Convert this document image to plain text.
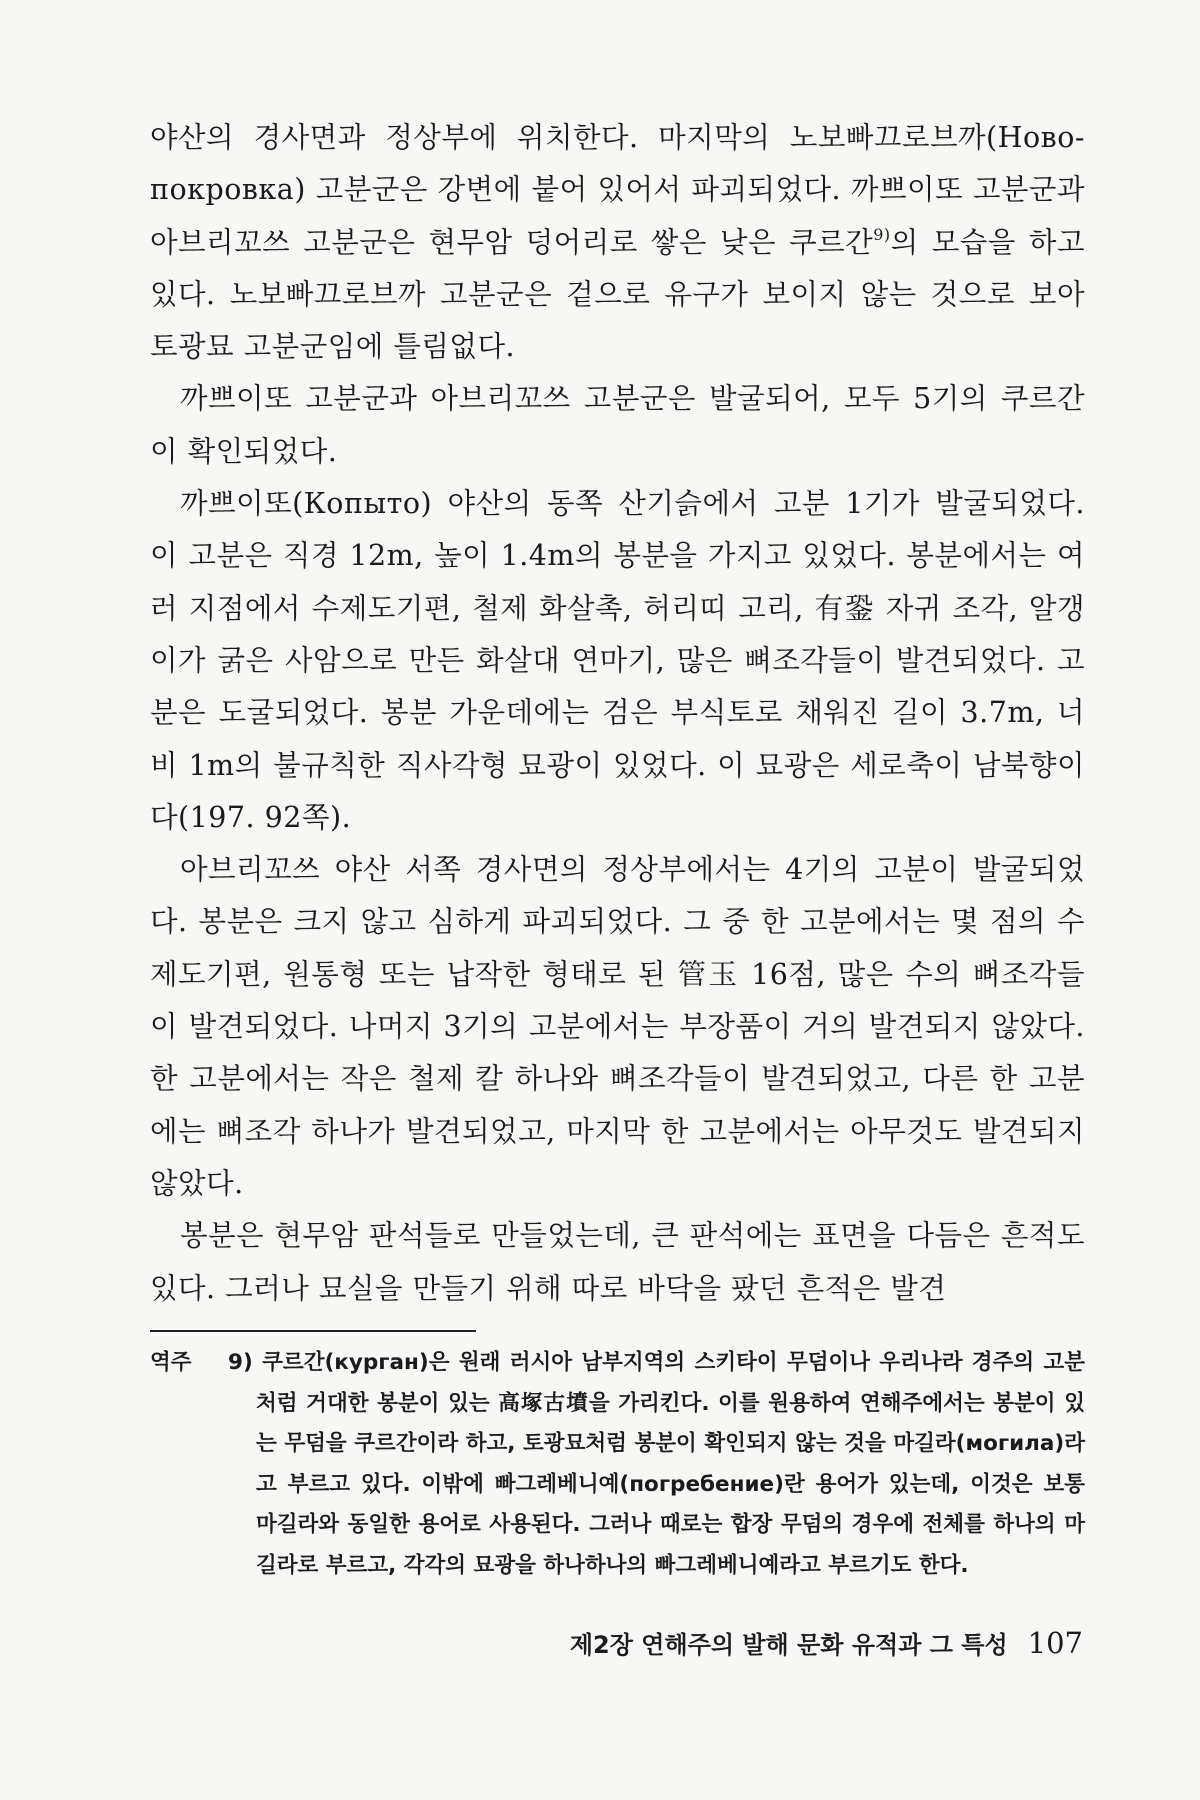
야산의 경사면과 정상부에 위치한다. 마지막의 노보빠끄로브까(Ново-покровка) 고분군은 강변에 붙어 있어서 파괴되었다. 까쁘이또 고분군과 아브리꼬쓰 고분군은 현무암 덩어리로 쌓은 낮은 쿠르간$^{9)}$의 모습을 하고 있다. 노보빠끄로브까 고분군은 겉으로 유구가 보이지 않는 것으로 보아 토광묘 고분군임에 틀림없다.

까쁘이또 고분군과 아브리꼬쓰 고분군은 발굴되어, 모두 5기의 쿠르간이 확인되었다.

까쁘이또(Копыто) 야산의 동쪽 산기슭에서 고분 1기가 발굴되었다. 이 고분은 직경 12m, 높이 1.4m의 봉분을 가지고 있었다. 봉분에서는 여러 지점에서 수제도기편, 철제 화살촉, 허리띠 고리, 有銎 자귀 조각, 알갱이가 굵은 사암으로 만든 화살대 연마기, 많은 뼈조각들이 발견되었다. 고분은 도굴되었다. 봉분 가운데에는 검은 부식토로 채워진 길이 3.7m, 너비 1m의 불규칙한 직사각형 묘광이 있었다. 이 묘광은 세로축이 남북향이다(197. 92쪽).

아브리꼬쓰 야산 서쪽 경사면의 정상부에서는 4기의 고분이 발굴되었다. 봉분은 크지 않고 심하게 파괴되었다. 그 중 한 고분에서는 몇 점의 수제도기편, 원통형 또는 납작한 형태로 된 管玉 16점, 많은 수의 뼈조각들이 발견되었다. 나머지 3기의 고분에서는 부장품이 거의 발견되지 않았다. 한 고분에서는 작은 철제 칼 하나와 뼈조각들이 발견되었고, 다른 한 고분에는 뼈조각 하나가 발견되었고, 마지막 한 고분에서는 아무것도 발견되지 않았다.

봉분은 현무암 판석들로 만들었는데, 큰 판석에는 표면을 다듬은 흔적도 있다. 그러나 묘실을 만들기 위해 따로 바닥을 팠던 흔적은 발견

역주 9) 쿠르간(курган)은 원래 러시아 남부지역의 스키타이 무덤이나 우리나라 경주의 고분처럼 거대한 봉분이 있는 高塚古墳을 가리킨다. 이를 원용하여 연해주에서는 봉분이 있는 무덤을 쿠르간이라 하고, 토광묘처럼 봉분이 확인되지 않는 것을 마길라(могила)라고 부르고 있다. 이밖에 빠그레베니예(погребение)란 용어가 있는데, 이것은 보통 마길라와 동일한 용어로 사용된다. 그러나 때로는 합장 무덤의 경우에 전체를 하나의 마길라로 부르고, 각각의 묘광을 하나하나의 빠그레베니예라고 부르기도 한다.
제2장 연해주의 발해 문화 유적과 그 특성 107
